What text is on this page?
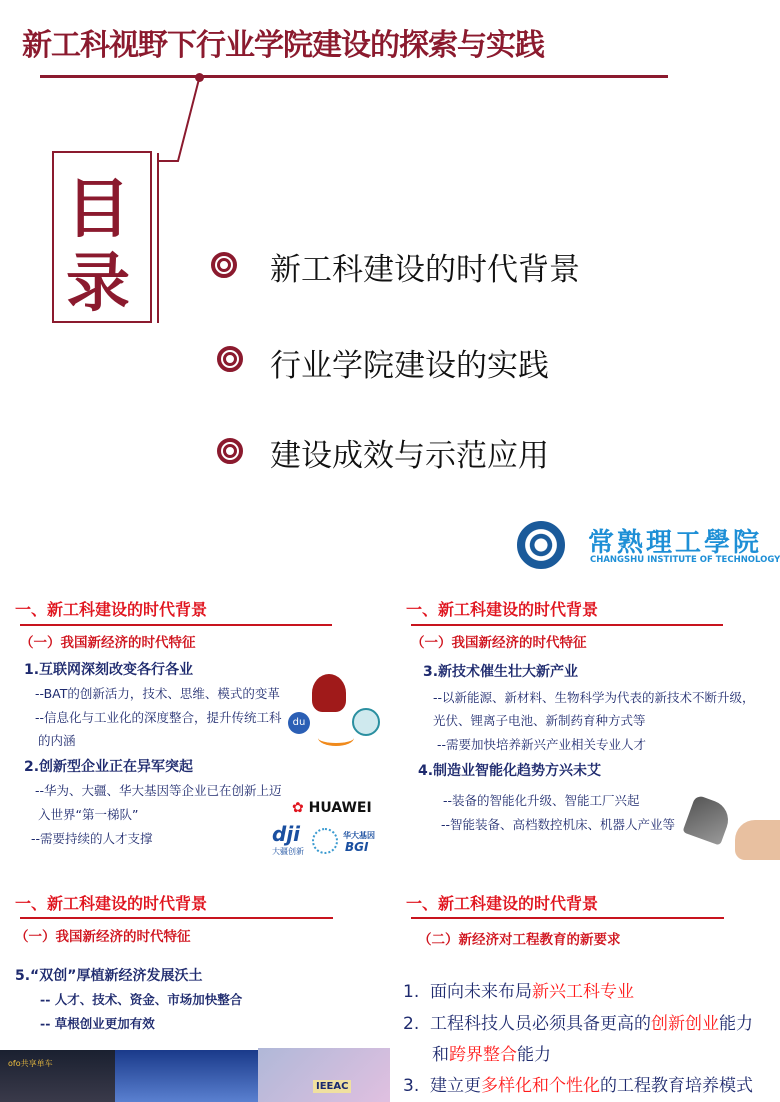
新工科视野下行业学院建设的探索与实践
目
录	新工科建设的时代背景
行业学院建设的实践
建设成效与示范应用
常熟理工學院
CHANGSHU INSTITUTE OF TECHNOLOGY
一、新工科建设的时代背景
（一）我国新经济的时代特征
1.互联网深刻改变各行各业
--BAT的创新活力，技术、思维、模式的变革
--信息化与工业化的深度整合，提升传统工科
的内涵
2.创新型企业正在异军突起
--华为、大疆、华大基因等企业已在创新上迈
入世界“第一梯队”
--需要持续的人才支撑
du
✿ HUAWEI
dji
大疆创新
华大基因
BGI
一、新工科建设的时代背景
（一）我国新经济的时代特征
3.新技术催生壮大新产业
--以新能源、新材料、生物科学为代表的新技术不断升级，
光伏、锂离子电池、新制药育种方式等
--需要加快培养新兴产业相关专业人才
4.制造业智能化趋势方兴未艾
--装备的智能化升级、智能工厂兴起
--智能装备、高档数控机床、机器人产业等
一、新工科建设的时代背景
（一）我国新经济的时代特征
5.“双创”厚植新经济发展沃土
-- 人才、技术、资金、市场加快整合
-- 草根创业更加有效
ofo共享单车
IEEAC
一、新工科建设的时代背景
（二）新经济对工程教育的新要求
1. 面向未来布局新兴工科专业
2. 工程科技人员必须具备更高的创新创业能力
和跨界整合能力
3. 建立更多样化和个性化的工程教育培养模式
